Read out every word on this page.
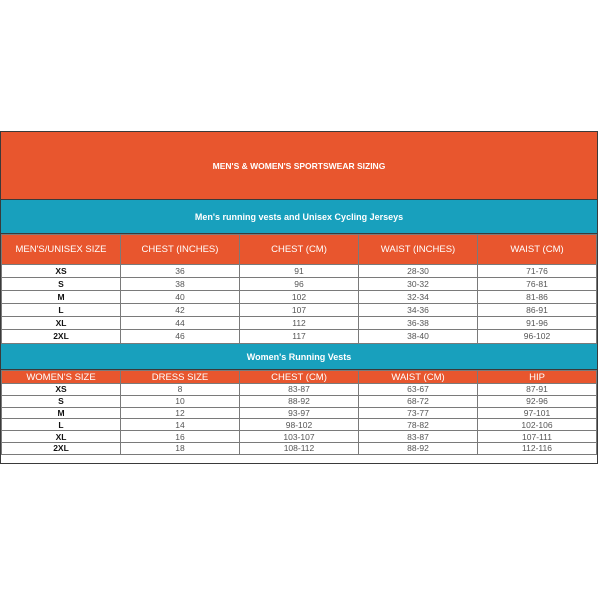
MEN'S & WOMEN'S SPORTSWEAR SIZING
Men's running vests and Unisex Cycling Jerseys
MEN'S/UNISEX SIZE	CHEST (INCHES)	CHEST (CM)	WAIST (INCHES)	WAIST (CM)
XS	36	91	28-30	71-76
S	38	96	30-32	76-81
M	40	102	32-34	81-86
L	42	107	34-36	86-91
XL	44	112	36-38	91-96
2XL	46	117	38-40	96-102
Women's Running Vests
WOMEN'S SIZE	DRESS SIZE	CHEST (CM)	WAIST (CM)	HIP
XS	8	83-87	63-67	87-91
S	10	88-92	68-72	92-96
M	12	93-97	73-77	97-101
L	14	98-102	78-82	102-106
XL	16	103-107	83-87	107-111
2XL	18	108-112	88-92	112-116
